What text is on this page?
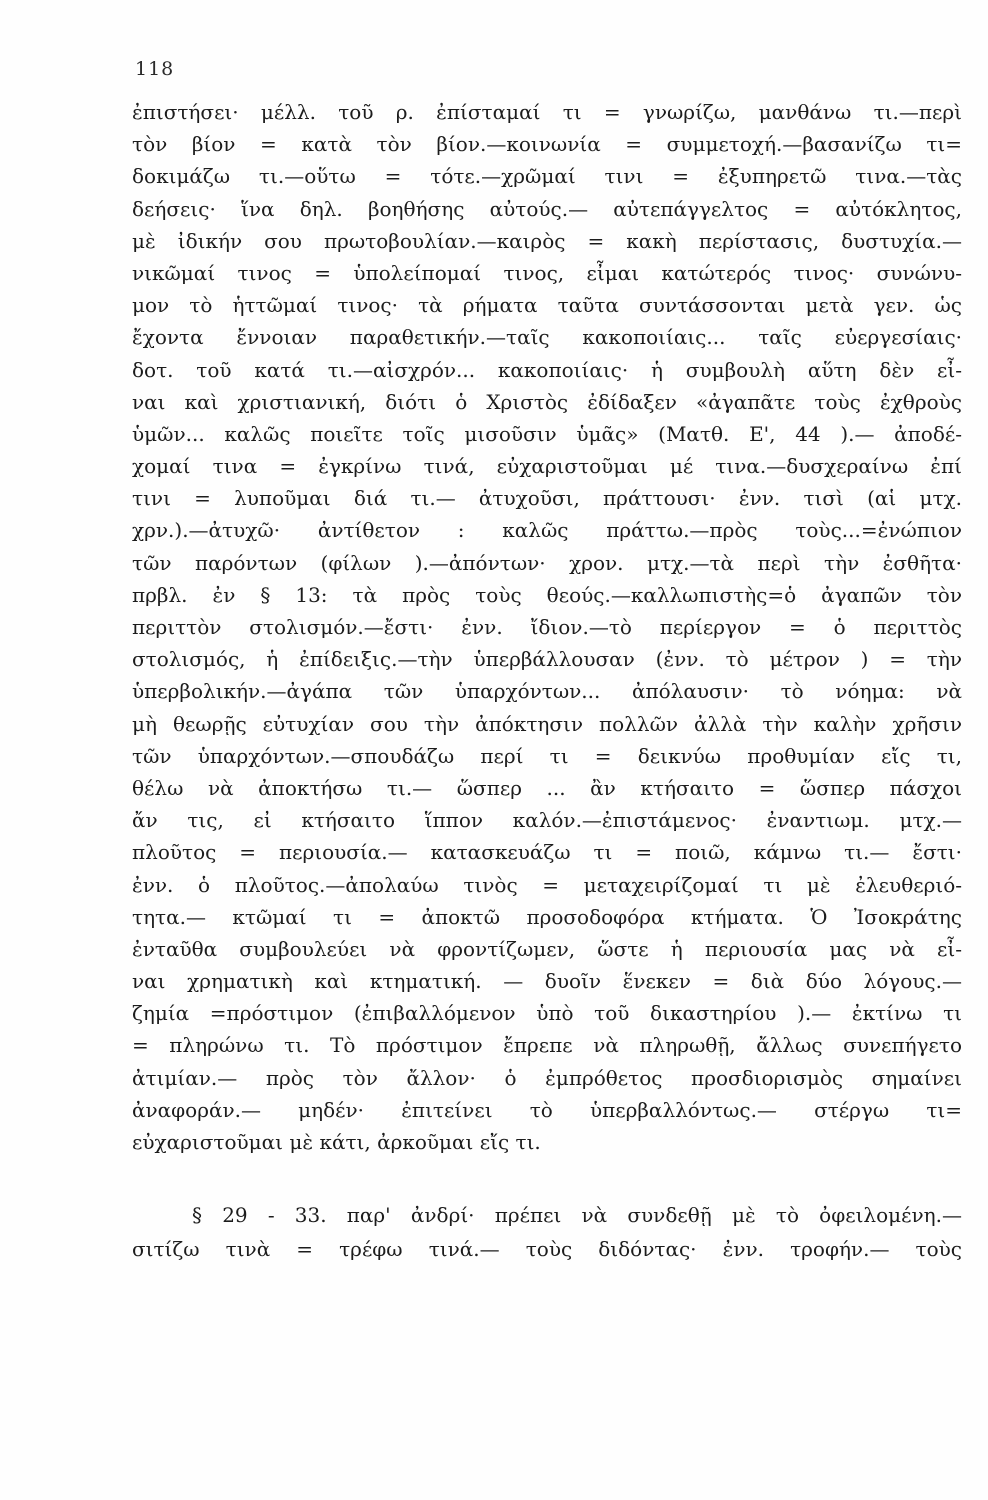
118
ἐπιστήσει· μέλλ. τοῦ ρ. ἐπίσταμαί τι = γνωρίζω, μανθάνω τι.—περὶ
τὸν βίον = κατὰ τὸν βίον.—κοινωνία = συμμετοχή.—βασανίζω τι=
δοκιμάζω τι.—οὕτω = τότε.—χρῶμαί τινι = ἐξυπηρετῶ τινα.—τὰς
δεήσεις· ἵνα δηλ. βοηθήσης αὐτούς.— αὐτεπάγγελτος = αὐτόκλητος,
μὲ ἰδικήν σου πρωτοβουλίαν.—καιρὸς = κακὴ περίστασις, δυστυχία.—
νικῶμαί τινος = ὑπολείπομαί τινος, εἶμαι κατώτερός τινος· συνώνυ-
μον τὸ ἡττῶμαί τινος· τὰ ρήματα ταῦτα συντάσσονται μετὰ γεν. ὡς
ἔχοντα ἔννοιαν παραθετικήν.—ταῖς κακοποιίαις... ταῖς εὐεργεσίαις·
δοτ. τοῦ κατά τι.—αἰσχρόν... κακοποιίαις· ἡ συμβουλὴ αὕτη δὲν εἶ-
ναι καὶ χριστιανική, διότι ὁ Χριστὸς ἐδίδαξεν «ἀγαπᾶτε τοὺς ἐχθροὺς
ὑμῶν... καλῶς ποιεῖτε τοῖς μισοῦσιν ὑμᾶς» (Ματθ. Ε', 44 ).— ἀποδέ-
χομαί τινα = ἐγκρίνω τινά, εὐχαριστοῦμαι μέ τινα.—δυσχεραίνω ἐπί
τινι = λυποῦμαι διά τι.— ἀτυχοῦσι, πράττουσι· ἐνν. τισὶ (αἱ μτχ.
χρν.).—ἀτυχῶ· ἀντίθετον : καλῶς πράττω.—πρὸς τοὺς...=ἐνώπιον
τῶν παρόντων (φίλων ).—ἀπόντων· χρον. μτχ.—τὰ περὶ τὴν ἐσθῆτα·
πρβλ. ἐν § 13: τὰ πρὸς τοὺς θεούς.—καλλωπιστὴς=ὁ ἀγαπῶν τὸν
περιττὸν στολισμόν.—ἔστι· ἐνν. ἴδιον.—τὸ περίεργον = ὁ περιττὸς
στολισμός, ἡ ἐπίδειξις.—τὴν ὑπερβάλλουσαν (ἐνν. τὸ μέτρον ) = τὴν
ὑπερβολικήν.—ἀγάπα τῶν ὑπαρχόντων... ἀπόλαυσιν· τὸ νόημα: νὰ
μὴ θεωρῇς εὐτυχίαν σου τὴν ἀπόκτησιν πολλῶν ἀλλὰ τὴν καλὴν χρῆσιν
τῶν ὑπαρχόντων.—σπουδάζω περί τι = δεικνύω προθυμίαν εἴς τι,
θέλω νὰ ἀποκτήσω τι.— ὥσπερ ... ἂν κτήσαιτο = ὥσπερ πάσχοι
ἄν τις, εἰ κτήσαιτο ἵππον καλόν.—ἐπιστάμενος· ἐναντιωμ. μτχ.—
πλοῦτος = περιουσία.— κατασκευάζω τι = ποιῶ, κάμνω τι.— ἔστι·
ἐνν. ὁ πλοῦτος.—ἀπολαύω τινὸς = μεταχειρίζομαί τι μὲ ἐλευθεριό-
τητα.— κτῶμαί τι = ἀποκτῶ προσοδοφόρα κτήματα. Ὁ Ἰσοκράτης
ἐνταῦθα συμβουλεύει νὰ φροντίζωμεν, ὥστε ἡ περιουσία μας νὰ εἶ-
ναι χρηματικὴ καὶ κτηματική. — δυοῖν ἕνεκεν = διὰ δύο λόγους.—
ζημία =πρόστιμον (ἐπιβαλλόμενον ὑπὸ τοῦ δικαστηρίου ).— ἐκτίνω τι
= πληρώνω τι. Τὸ πρόστιμον ἔπρεπε νὰ πληρωθῇ, ἄλλως συνεπήγετο
ἀτιμίαν.— πρὸς τὸν ἄλλον· ὁ ἐμπρόθετος προσδιορισμὸς σημαίνει
ἀναφοράν.— μηδέν· ἐπιτείνει τὸ ὑπερβαλλόντως.— στέργω τι=
εὐχαριστοῦμαι μὲ κάτι, ἀρκοῦμαι εἴς τι.
§ 29 - 33. παρ' ἀνδρί· πρέπει νὰ συνδεθῇ μὲ τὸ ὀφειλομένη.—
σιτίζω τινὰ = τρέφω τινά.— τοὺς διδόντας· ἐνν. τροφήν.— τοὺς
